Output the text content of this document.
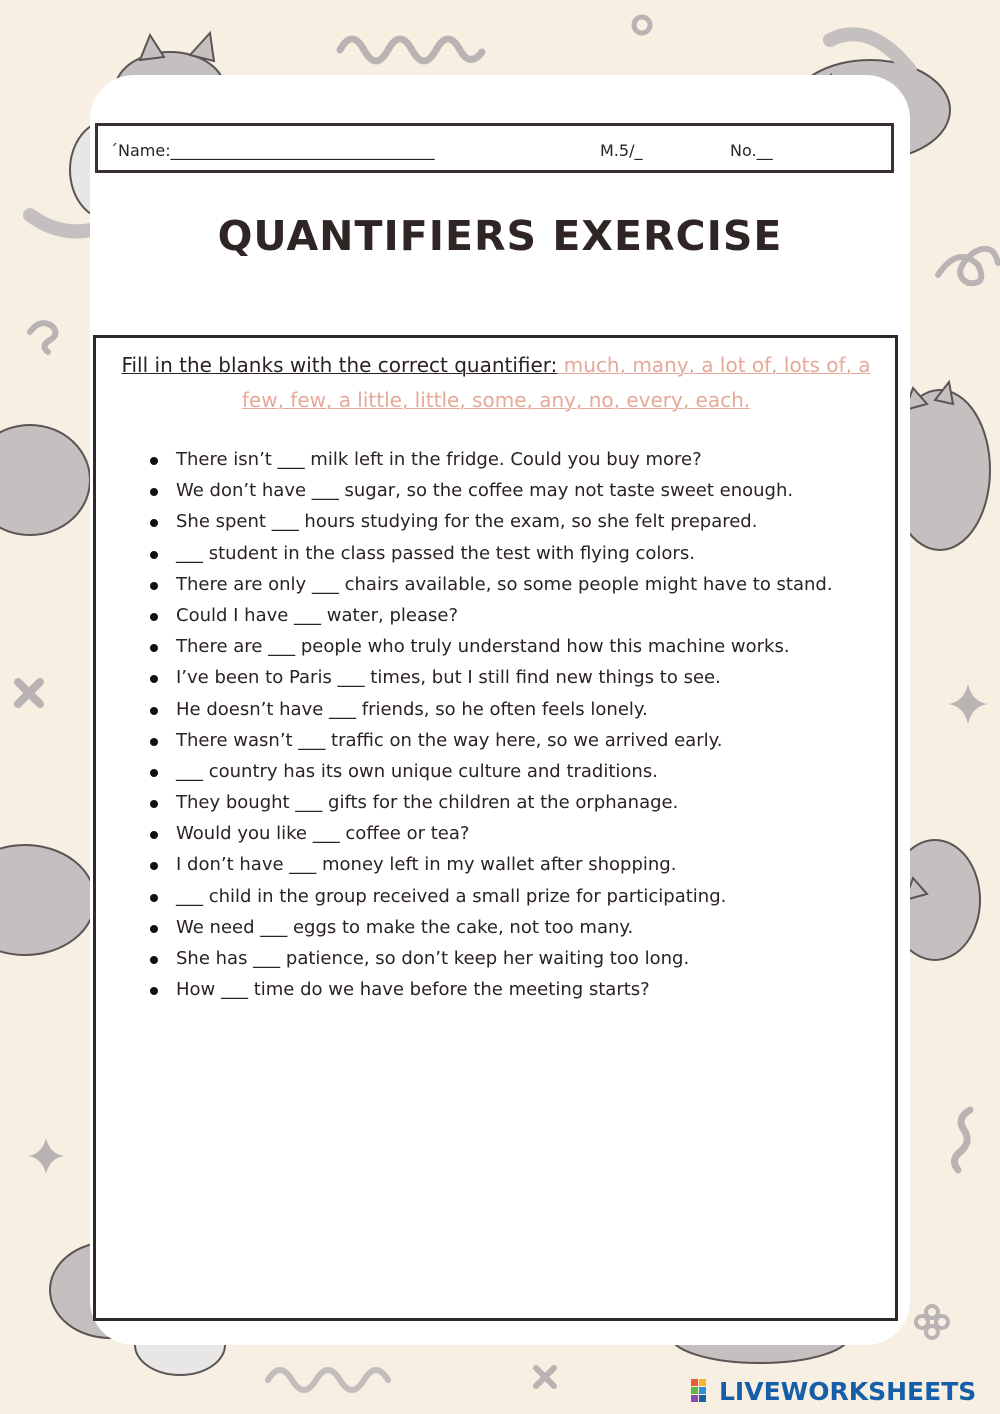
ˊName:_________________________________	M.5/_	No.__
QUANTIFIERS EXERCISE

Fill in the blanks with the correct quantifier: much, many, a lot of, lots of, a few, few, a little, little, some, any, no, every, each.

There isn’t ___ milk left in the fridge. Could you buy more?
We don’t have ___ sugar, so the coffee may not taste sweet enough.
She spent ___ hours studying for the exam, so she felt prepared.
___ student in the class passed the test with flying colors.
There are only ___ chairs available, so some people might have to stand.
Could I have ___ water, please?
There are ___ people who truly understand how this machine works.
I’ve been to Paris ___ times, but I still find new things to see.
He doesn’t have ___ friends, so he often feels lonely.
There wasn’t ___ traffic on the way here, so we arrived early.
___ country has its own unique culture and traditions.
They bought ___ gifts for the children at the orphanage.
Would you like ___ coffee or tea?
I don’t have ___ money left in my wallet after shopping.
___ child in the group received a small prize for participating.
We need ___ eggs to make the cake, not too many.
She has ___ patience, so don’t keep her waiting too long.
How ___ time do we have before the meeting starts?
LIVEWORKSHEETS
